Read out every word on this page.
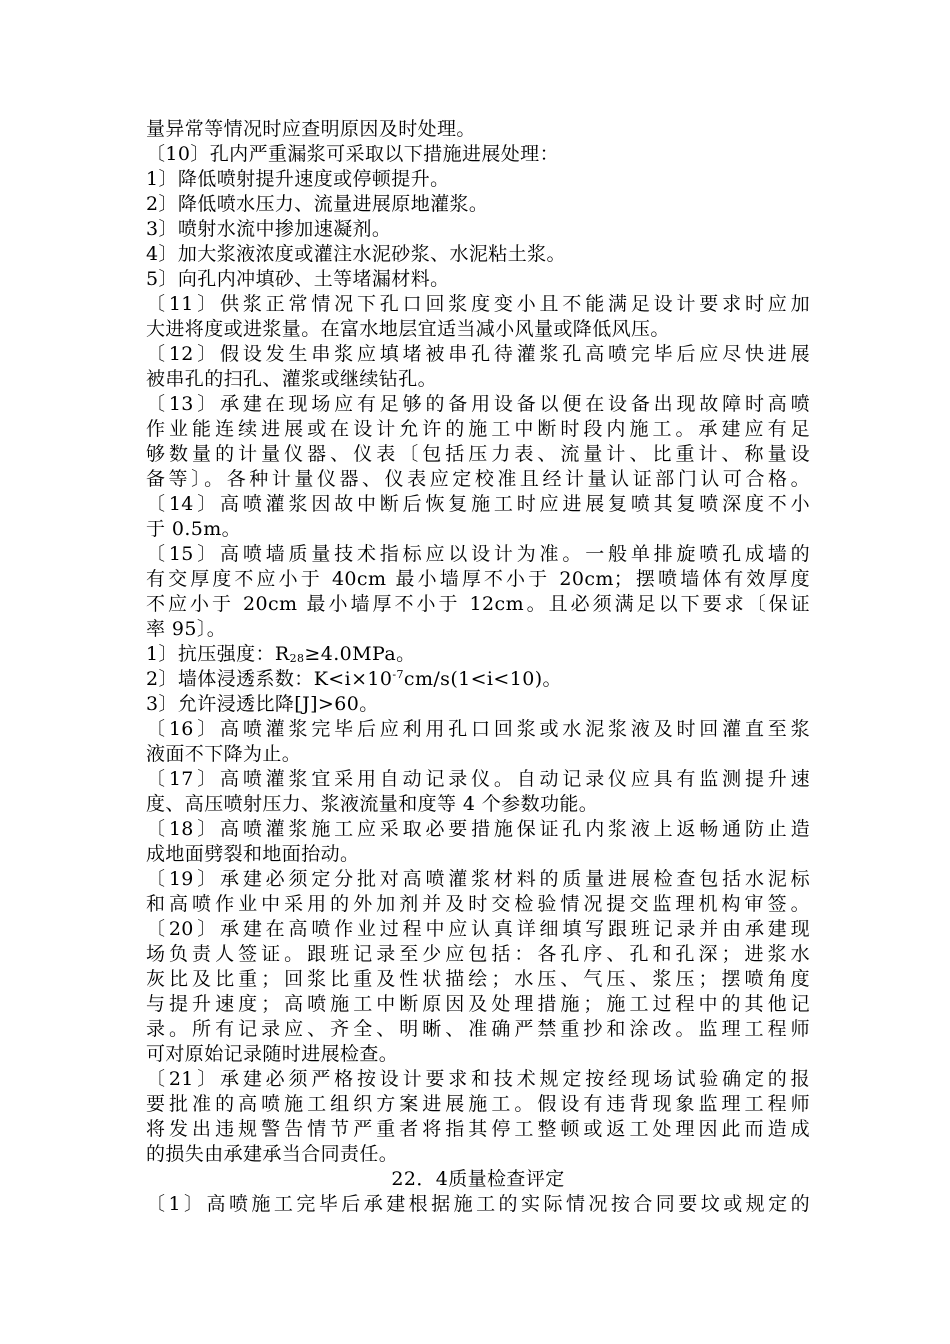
量异常等情况时应查明原因及时处理。
〔10〕孔内严重漏浆可采取以下措施进展处理：
1〕降低喷射提升速度或停顿提升。
2〕降低喷水压力、流量进展原地灌浆。
3〕喷射水流中掺加速凝剂。
4〕加大浆液浓度或灌注水泥砂浆、水泥粘土浆。
5〕向孔内冲填砂、土等堵漏材料。
〔11〕供浆正常情况下孔口回浆度变小且不能满足设计要求时应加
大进将度或进浆量。在富水地层宜适当减小风量或降低风压。
〔12〕假设发生串浆应填堵被串孔待灌浆孔高喷完毕后应尽快进展
被串孔的扫孔、灌浆或继续钻孔。
〔13〕承建在现场应有足够的备用设备以便在设备出现故障时高喷
作业能连续进展或在设计允许的施工中断时段内施工。承建应有足
够数量的计量仪器、仪表〔包括压力表、流量计、比重计、称量设
备等〕。各种计量仪器、仪表应定校准且经计量认证部门认可合格。
〔14〕高喷灌浆因故中断后恢复施工时应进展复喷其复喷深度不小
于 0.5m。
〔15〕高喷墙质量技术指标应以设计为准。一般单排旋喷孔成墙的
有交厚度不应小于 40cm 最小墙厚不小于 20cm；摆喷墙体有效厚度
不应小于 20cm 最小墙厚不小于 12cm。且必须满足以下要求〔保证
率 95〕。
1〕抗压强度：$R_{28}\ge 4.0MPa$。
2〕墙体浸透系数：$K<i\times 10^{-7}cm/s(1<i<10)$。
3〕允许浸透比降[J]>60。
〔16〕高喷灌浆完毕后应利用孔口回浆或水泥浆液及时回灌直至浆
液面不下降为止。
〔17〕高喷灌浆宜采用自动记录仪。自动记录仪应具有监测提升速
度、高压喷射压力、浆液流量和度等 4 个参数功能。
〔18〕高喷灌浆施工应采取必要措施保证孔内浆液上返畅通防止造
成地面劈裂和地面抬动。
〔19〕承建必须定分批对高喷灌浆材料的质量进展检查包括水泥标
和高喷作业中采用的外加剂并及时交检验情况提交监理机构审签。
〔20〕承建在高喷作业过程中应认真详细填写跟班记录并由承建现
场负责人签证。跟班记录至少应包括：各孔序、孔和孔深；进浆水
灰比及比重；回浆比重及性状描绘；水压、气压、浆压；摆喷角度
与提升速度；高喷施工中断原因及处理措施；施工过程中的其他记
录。所有记录应、齐全、明晰、准确严禁重抄和涂改。监理工程师
可对原始记录随时进展检查。
〔21〕承建必须严格按设计要求和技术规定按经现场试验确定的报
要批准的高喷施工组织方案进展施工。假设有违背现象监理工程师
将发出违规警告情节严重者将指其停工整顿或返工处理因此而造成
的损失由承建承当合同责任。
22．4质量检查评定
〔1〕高喷施工完毕后承建根据施工的实际情况按合同要坟或规定的
